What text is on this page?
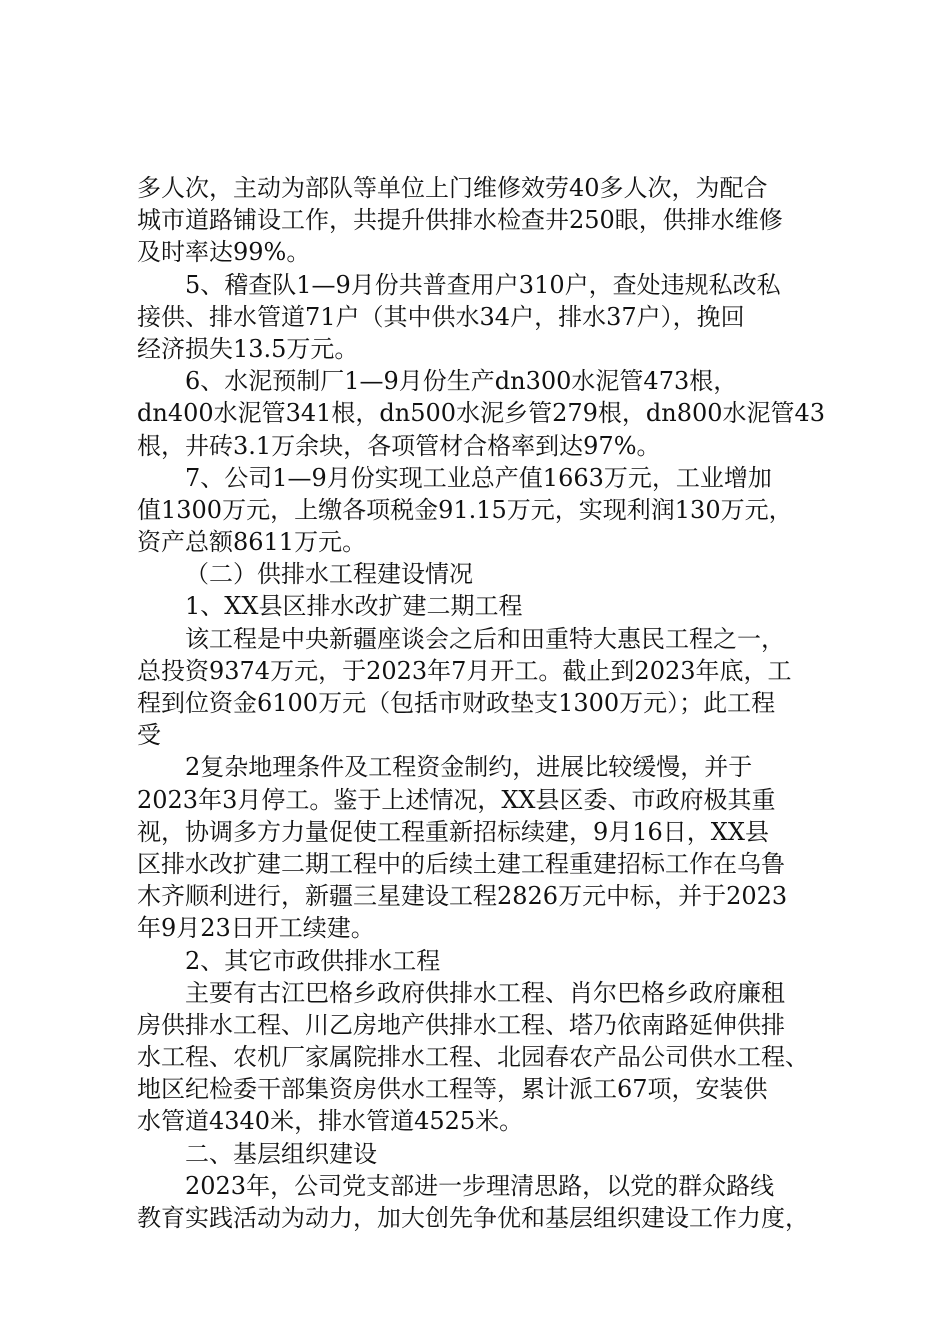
多人次，主动为部队等单位上门维修效劳40多人次，为配合
城市道路铺设工作，共提升供排水检查井250眼，供排水维修
及时率达99%。
5、稽查队1—9月份共普查用户310户，查处违规私改私
接供、排水管道71户（其中供水34户，排水37户），挽回
经济损失13.5万元。
6、水泥预制厂1—9月份生产dn300水泥管473根，
dn400水泥管341根，dn500水泥乡管279根，dn800水泥管43
根，井砖3.1万余块，各项管材合格率到达97%。
7、公司1—9月份实现工业总产值1663万元，工业增加
值1300万元，上缴各项税金91.15万元，实现利润130万元，
资产总额8611万元。
（二）供排水工程建设情况
1、XX县区排水改扩建二期工程
该工程是中央新疆座谈会之后和田重特大惠民工程之一，
总投资9374万元，于2023年7月开工。截止到2023年底，工
程到位资金6100万元（包括市财政垫支1300万元）；此工程
受
2复杂地理条件及工程资金制约，进展比较缓慢，并于
2023年3月停工。鉴于上述情况，XX县区委、市政府极其重
视，协调多方力量促使工程重新招标续建，9月16日，XX县
区排水改扩建二期工程中的后续土建工程重建招标工作在乌鲁
木齐顺利进行，新疆三星建设工程2826万元中标，并于2023
年9月23日开工续建。
2、其它市政供排水工程
主要有古江巴格乡政府供排水工程、肖尔巴格乡政府廉租
房供排水工程、川乙房地产供排水工程、塔乃依南路延伸供排
水工程、农机厂家属院排水工程、北园春农产品公司供水工程、
地区纪检委干部集资房供水工程等，累计派工67项，安装供
水管道4340米，排水管道4525米。
二、基层组织建设
2023年，公司党支部进一步理清思路，以党的群众路线
教育实践活动为动力，加大创先争优和基层组织建设工作力度，
